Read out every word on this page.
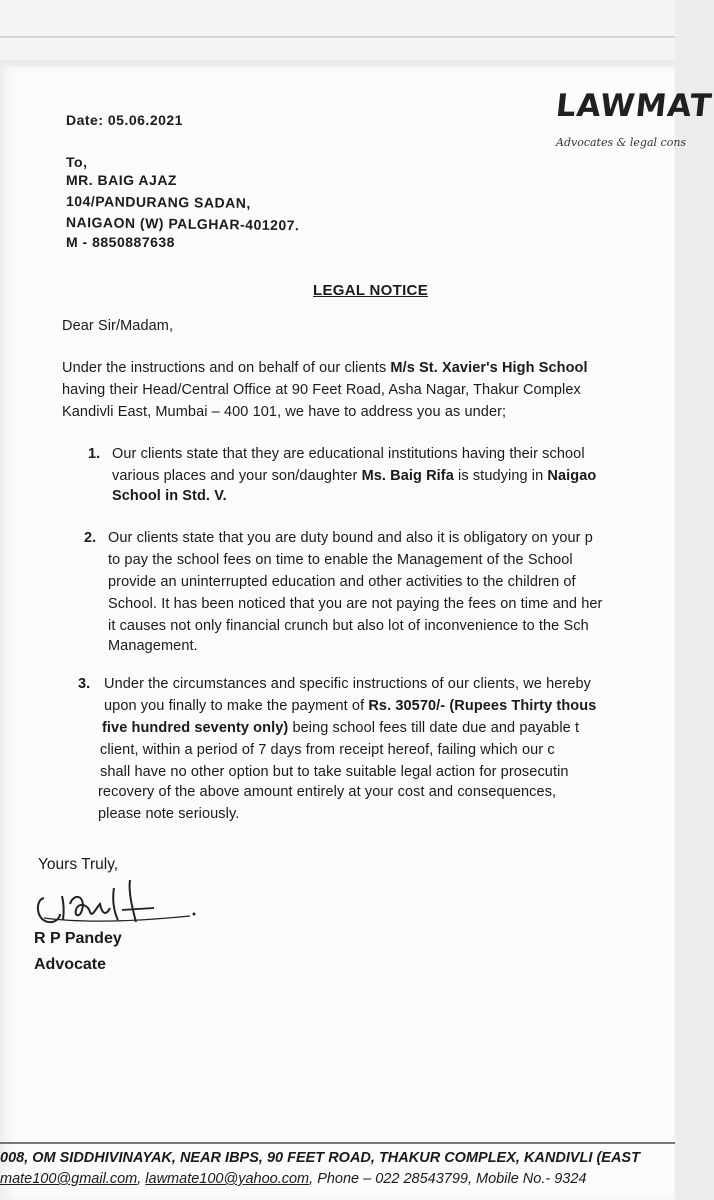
LAWMAT
Advocates & legal cons
Date: 05.06.2021
To,
MR. BAIG AJAZ
104/PANDURANG SADAN,
NAIGAON (W) PALGHAR-401207.
M - 8850887638
LEGAL NOTICE
Dear Sir/Madam,
Under the instructions and on behalf of our clients M/s St. Xavier's High School
having their Head/Central Office at 90 Feet Road, Asha Nagar, Thakur Complex
Kandivli East, Mumbai – 400 101, we have to address you as under;
1. Our clients state that they are educational institutions having their school
various places and your son/daughter Ms. Baig Rifa is studying in Naigao
School in Std. V.
2. Our clients state that you are duty bound and also it is obligatory on your p
to pay the school fees on time to enable the Management of the School
provide an uninterrupted education and other activities to the children of
School. It has been noticed that you are not paying the fees on time and her
it causes not only financial crunch but also lot of inconvenience to the Sch
Management.
3. Under the circumstances and specific instructions of our clients, we hereby
upon you finally to make the payment of Rs. 30570/- (Rupees Thirty thous
five hundred seventy only) being school fees till date due and payable t
client, within a period of 7 days from receipt hereof, failing which our c
shall have no other option but to take suitable legal action for prosecutin
recovery of the above amount entirely at your cost and consequences,
please note seriously.
Yours Truly,
R P Pandey
Advocate
008, OM SIDDHIVINAYAK, NEAR IBPS, 90 FEET ROAD, THAKUR COMPLEX, KANDIVLI (EAST
mate100@gmail.com, lawmate100@yahoo.com, Phone – 022 28543799, Mobile No.- 9324
